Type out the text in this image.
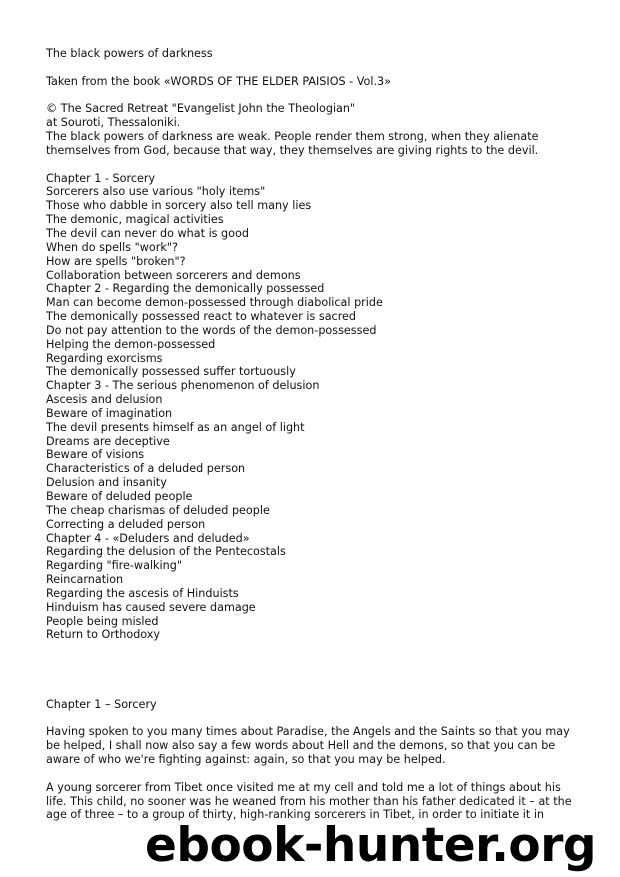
The black powers of darkness
Taken from the book «WORDS OF THE ELDER PAISIOS - Vol.3»
© The Sacred Retreat "Evangelist John the Theologian"
at Souroti, Thessaloniki.
The black powers of darkness are weak. People render them strong, when they alienate
themselves from God, because that way, they themselves are giving rights to the devil.
Chapter 1 - Sorcery
Sorcerers also use various "holy items"
Those who dabble in sorcery also tell many lies
The demonic, magical activities
The devil can never do what is good
When do spells "work"?
How are spells "broken"?
Collaboration between sorcerers and demons
Chapter 2 - Regarding the demonically possessed
Man can become demon-possessed through diabolical pride
The demonically possessed react to whatever is sacred
Do not pay attention to the words of the demon-possessed
Helping the demon-possessed
Regarding exorcisms
The demonically possessed suffer tortuously
Chapter 3 - The serious phenomenon of delusion
Ascesis and delusion
Beware of imagination
The devil presents himself as an angel of light
Dreams are deceptive
Beware of visions
Characteristics of a deluded person
Delusion and insanity
Beware of deluded people
The cheap charismas of deluded people
Correcting a deluded person
Chapter 4 - «Deluders and deluded»
Regarding the delusion of the Pentecostals
Regarding "fire-walking"
Reincarnation
Regarding the ascesis of Hinduists
Hinduism has caused severe damage
People being misled
Return to Orthodoxy
Chapter 1 – Sorcery
Having spoken to you many times about Paradise, the Angels and the Saints so that you may
be helped, I shall now also say a few words about Hell and the demons, so that you can be
aware of who we're fighting against: again, so that you may be helped.
A young sorcerer from Tibet once visited me at my cell and told me a lot of things about his
life. This child, no sooner was he weaned from his mother than his father dedicated it – at the
age of three – to a group of thirty, high-ranking sorcerers in Tibet, in order to initiate it in
ebook-hunter.org
